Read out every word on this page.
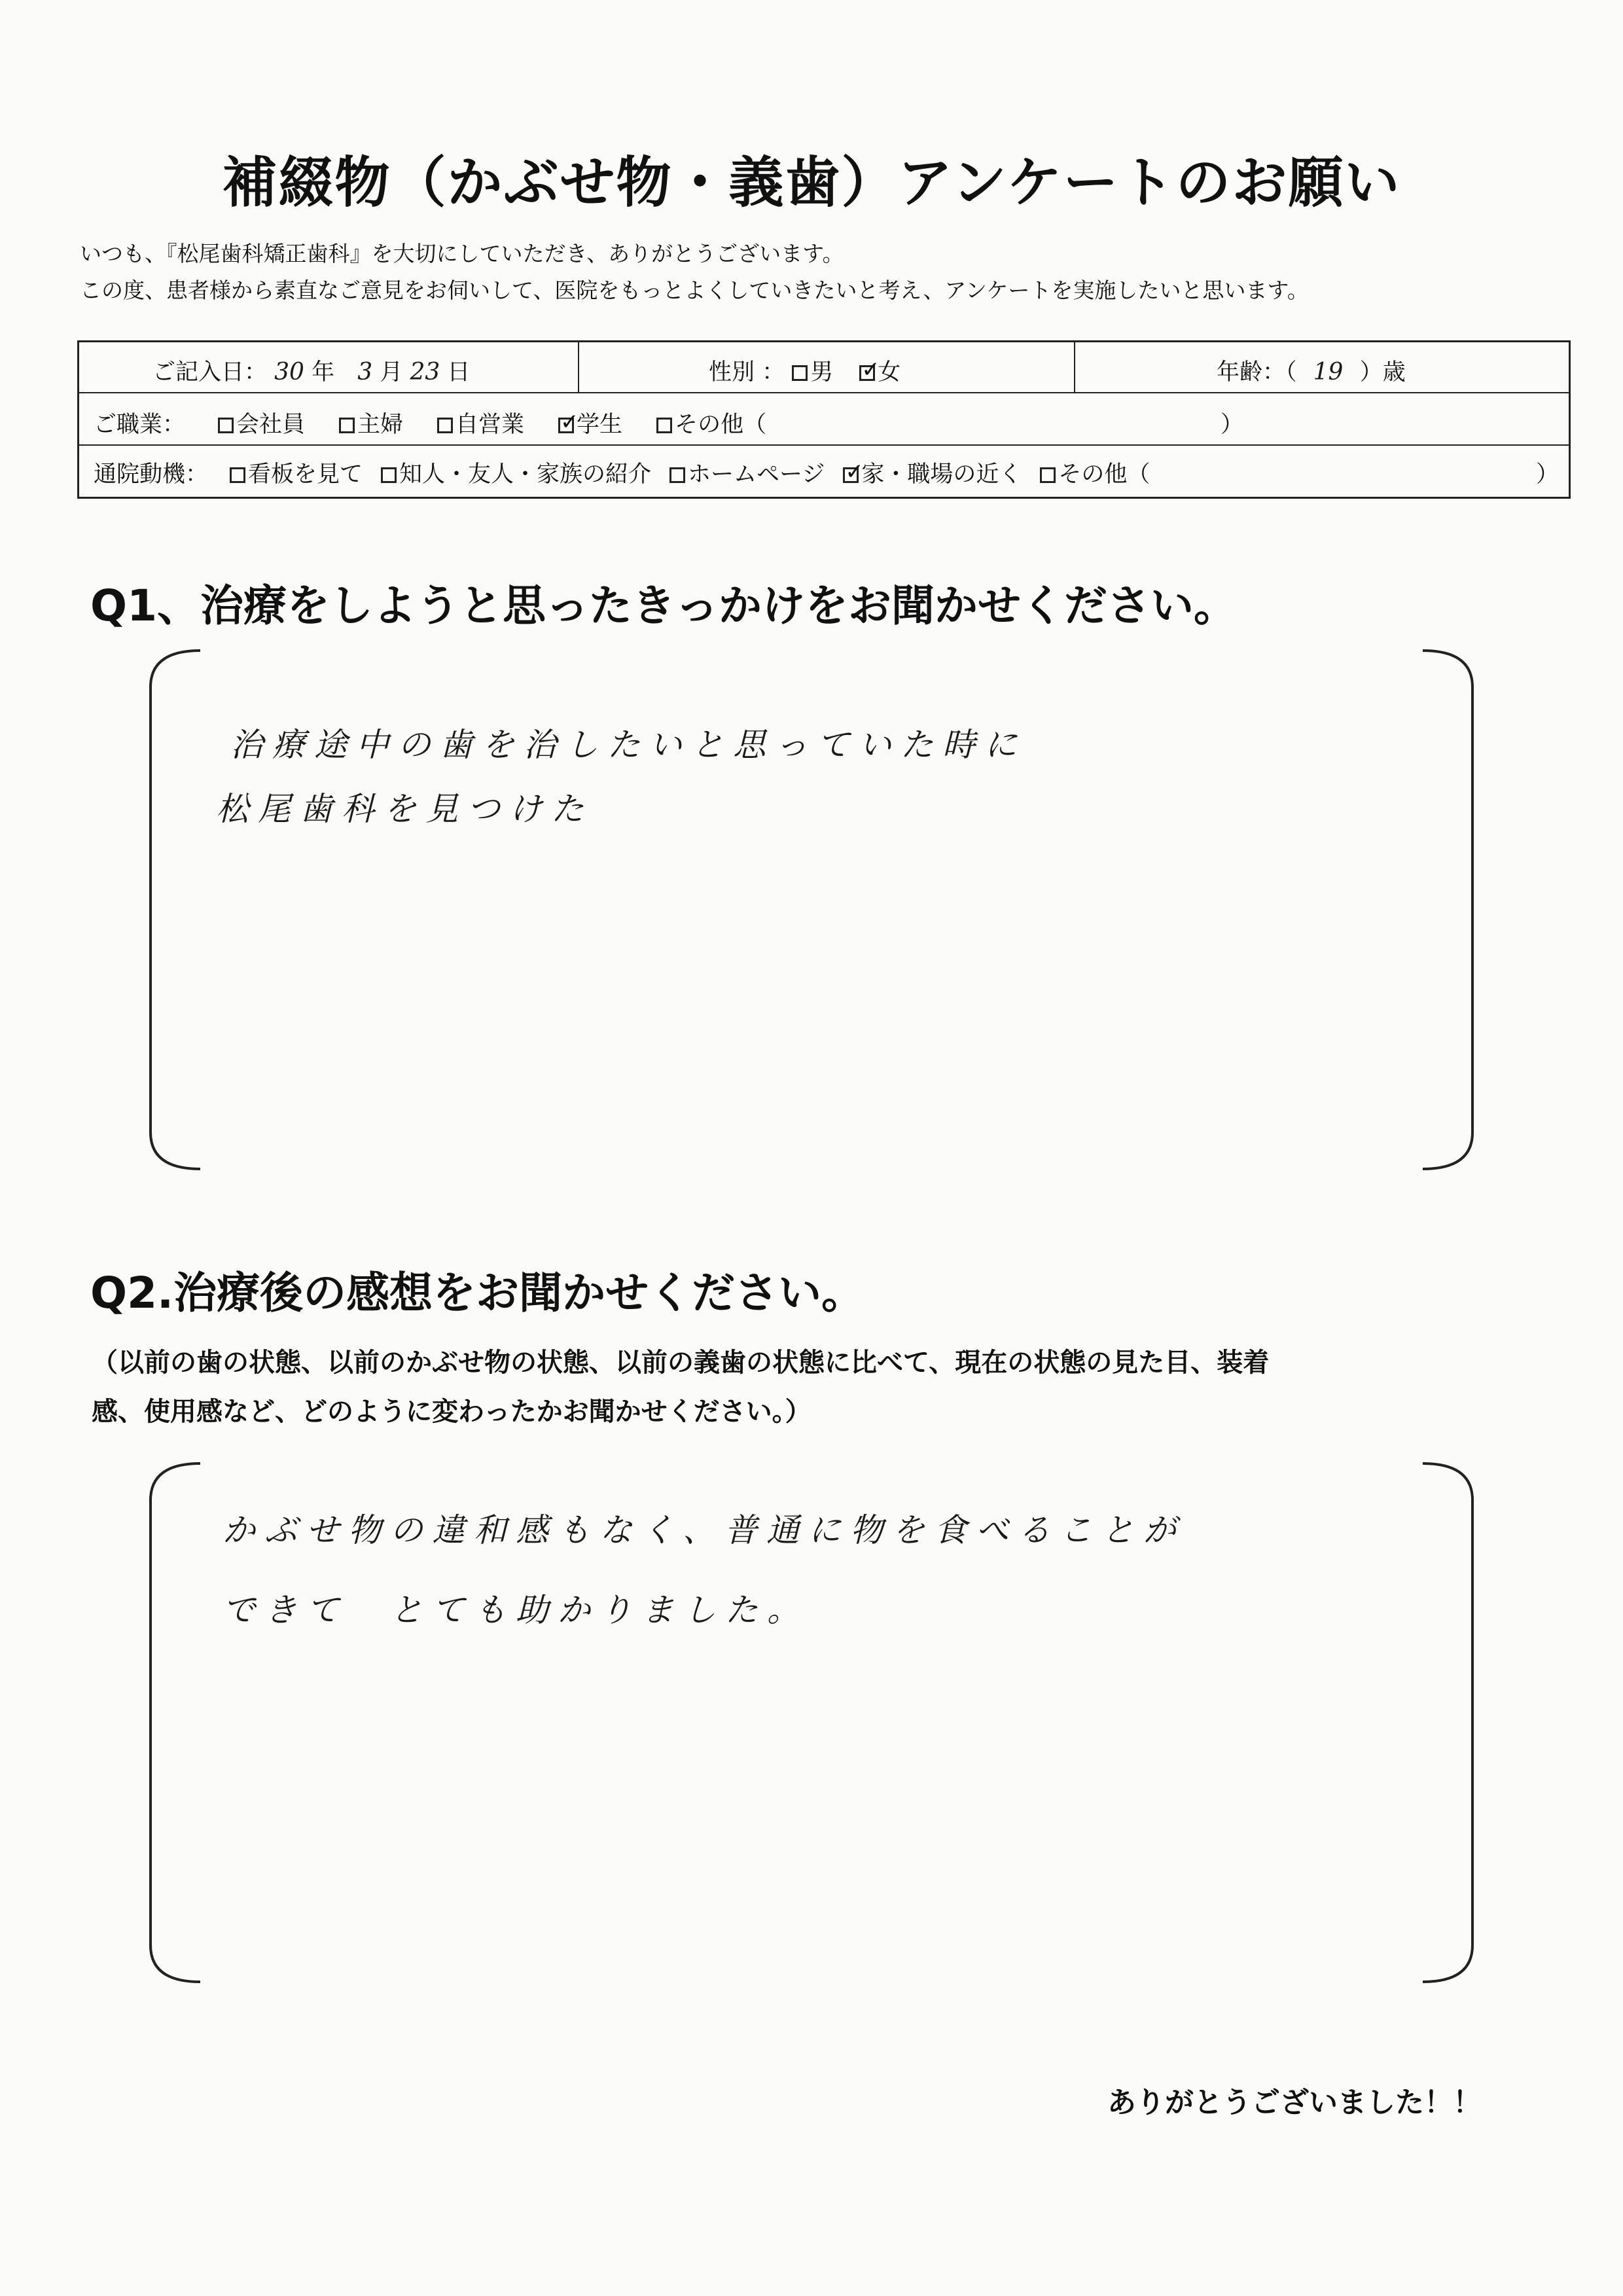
補綴物（かぶせ物・義歯）アンケートのお願い
いつも、『松尾歯科矯正歯科』を大切にしていただき、ありがとうございます。
この度、患者様から素直なご意見をお伺いして、医院をもっとよくしていきたいと考え、アンケートを実施したいと思います。
ご記入日： 30 年 3 月 23 日	性別 ： 男 ✓ 女	年齢：（ 19 ）歳
ご職業：	会社員 主婦 自営業 ✓ 学生 その他（	）
通院動機：	看板を見て 知人・友人・家族の紹介 ホームページ ✓ 家・職場の近く その他（	）
Q1、治療をしようと思ったきっかけをお聞かせください。
治療途中の歯を治したいと思っていた時に
松尾歯科を見つけた
Q2.治療後の感想をお聞かせください。
（以前の歯の状態、以前のかぶせ物の状態、以前の義歯の状態に比べて、現在の状態の見た目、装着
感、使用感など、どのように変わったかお聞かせください。）
かぶせ物の違和感もなく、普通に物を食べることが
できて　とても助かりました。
ありがとうございました！！
